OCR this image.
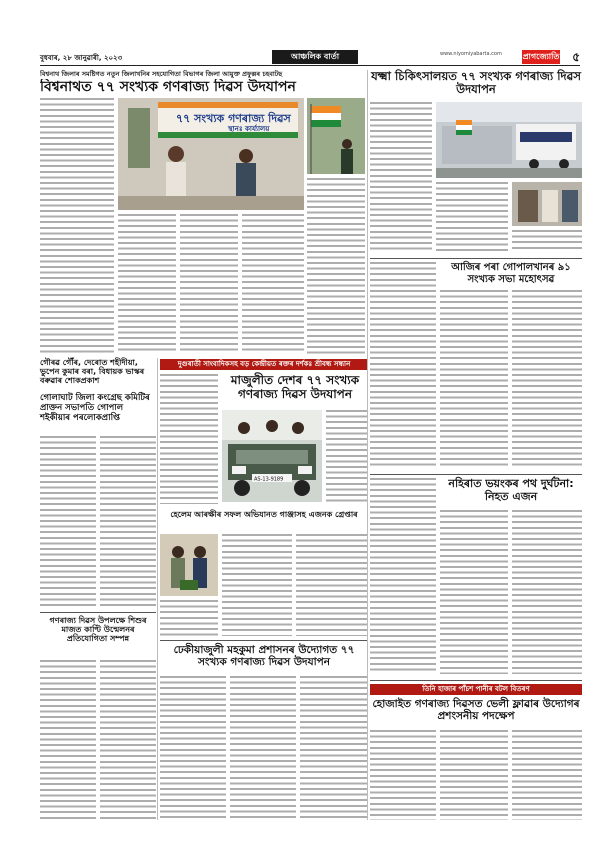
বুধবাৰ, ২৮ জানুৱাৰী, ২০২৩	আঞ্চলিক বাৰ্তা	www.niyomiyabarta.com	প্ৰাগজ্যোতি ৫
বিশ্বনাথ জিলাৰ সমষ্টিগত নতুন জিলাখনিৰ সহযোগিতা বিভাগৰ জিলা আয়ুক্ত প্ৰফুল্লৰ চহবাটছ
বিশ্বনাথত ৭৭ সংখ্যক গণৰাজ্য দিৱস উদযাপন
৭৭ সংখ্যক গণৰাজ্য দিৱস
স্থানঃ কাৰ্য্যালয়
যক্ষ্মা চিকিৎসালয়ত ৭৭ সংখ্যক গণৰাজ্য দিৱস উদযাপন
আজিৰ পৰা গোপালখানৰ ৯১ সংখ্যক সভা মহোৎসৱ
নহিৰাত ভয়ংকৰ পথ দুৰ্ঘটনা: নিহত এজন
দুগুৰাতী সাংবাদিকসহ বড় কেন্দ্ৰীয়ত ৰক্তৰ দৰ্শকঃ শ্ৰীবন্ধ সন্ধান
মাজুলীত দেশৰ ৭৭ সংখ্যক গণৰাজ্য দিৱস উদযাপন
AS-13-9189
গৌৰৱ গৌঁৰ, দেৰোত শহীদীয়া, ভুপেন কুমাৰ বৰা, বিধায়ক ভাস্কৰ বৰুৱাৰ শোকপ্ৰকাশ
গোলাঘাট জিলা কংগ্ৰেছ কমিটিৰ প্ৰাক্তন সভাপতি গোপাল শইকীয়াৰ পৰলোকপ্ৰাপ্তি
হেলেম আৰক্ষীৰ সফল অভিযানত গাঞ্জাসহ এজনক গ্ৰেপ্তাৰ
গণৰাজ্য দিৱস উপলক্ষে শিশুৰ মাজত কাণ্টি উন্মেলনৰ প্ৰতিযোগিতা সম্পন্ন
ঢেকীয়াজুলী মহকুমা প্ৰশাসনৰ উদ্যোগত ৭৭ সংখ্যক গণৰাজ্য দিৱস উদযাপন
তিনি হাজাৰ পাঁচশ পানীৰ বটল বিতৰণ
হোজাইত গণৰাজ্য দিৱসত ভেলী ফ্লাৱাৰ উদ্যোগৰ প্ৰশংসনীয় পদক্ষেপ
